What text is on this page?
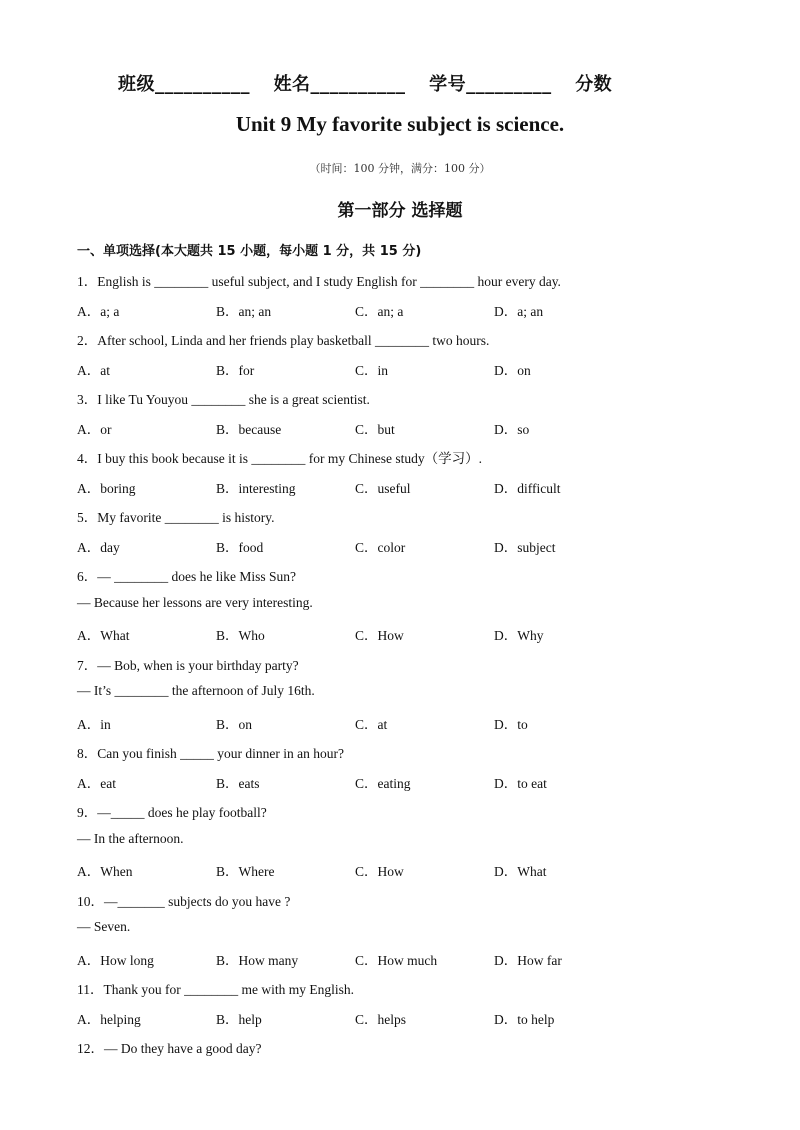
班级__________ 姓名__________ 学号_________ 分数
Unit 9 My favorite subject is science.
（时间：100 分钟，满分：100 分）
第一部分 选择题
一、单项选择(本大题共 15 小题，每小题 1 分，共 15 分)
1．English is ________ useful subject, and I study English for ________ hour every day.
A．a; a	B．an; an	C．an; a	D．a; an
2．After school, Linda and her friends play basketball ________ two hours.
A．at	B．for	C．in	D．on
3．I like Tu Youyou ________ she is a great scientist.
A．or	B．because	C．but	D．so
4．I buy this book because it is ________ for my Chinese study（学习）.
A．boring	B．interesting	C．useful	D．difficult
5．My favorite ________ is history.
A．day	B．food	C．color	D．subject
6．— ________ does he like Miss Sun?
— Because her lessons are very interesting.
A．What	B．Who	C．How	D．Why
7．— Bob, when is your birthday party?
— It’s ________ the afternoon of July 16th.
A．in	B．on	C．at	D．to
8．Can you finish _____ your dinner in an hour?
A．eat	B．eats	C．eating	D．to eat
9．—_____ does he play football?
— In the afternoon.
A．When	B．Where	C．How	D．What
10．—_______ subjects do you have ?
— Seven.
A．How long	B．How many	C．How much	D．How far
11．Thank you for ________ me with my English.
A．helping	B．help	C．helps	D．to help
12．— Do they have a good day?
